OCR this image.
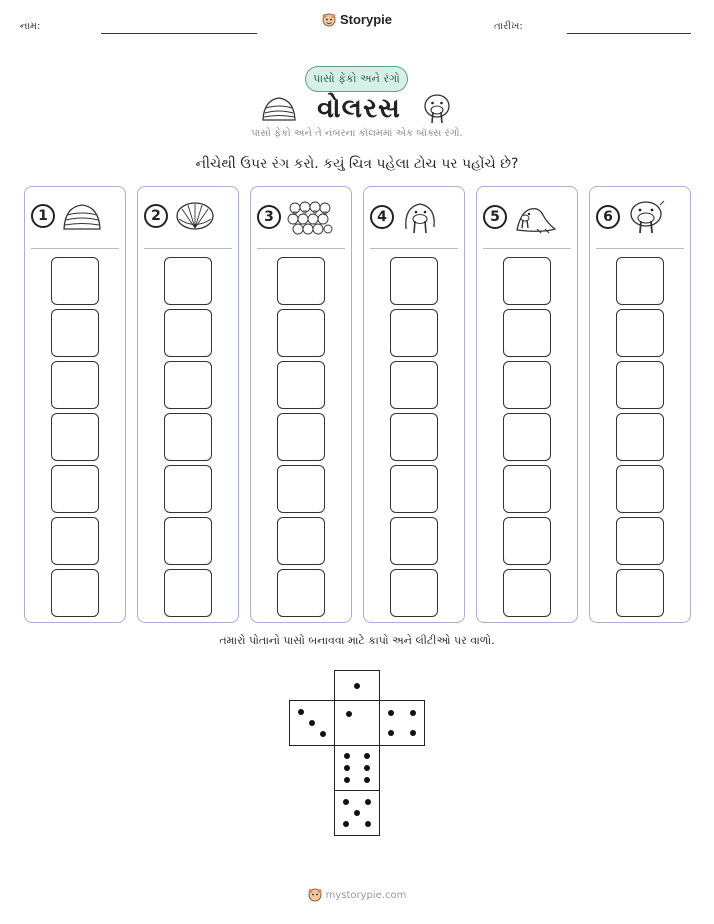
નામ:	Storypie	તારીખ:
પાસો ફેંકો અને રંગો
વોલરસ
પાસો ફેંકો અને તે નંબરના કૉલમમાં એક બૉક્સ રંગો.
નીચેથી ઉપર રંગ કરો. કયું ચિત્ર પહેલા ટોચ પર પહોંચે છે?
1	2	3	4	5	6
તમારો પોતાનો પાસો બનાવવા માટે કાપો અને લીટીઓ પર વાળો.
mystorypie.com
